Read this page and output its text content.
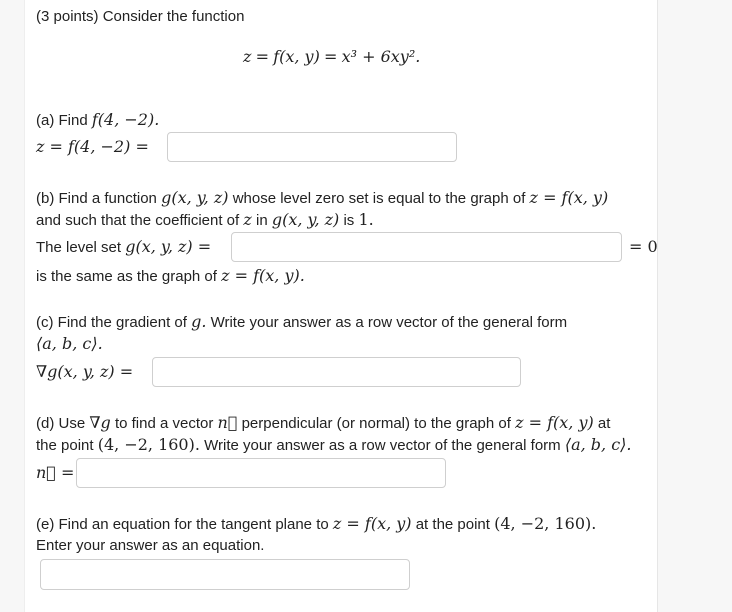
(3 points) Consider the function
z = f(x, y) = x³ + 6xy².
(a) Find f(4, −2).
z = f(4, −2) =
(b) Find a function g(x, y, z) whose level zero set is equal to the graph of z = f(x, y)
and such that the coefficient of z in g(x, y, z) is 1.
The level set g(x, y, z) =	= 0
is the same as the graph of z = f(x, y).
(c) Find the gradient of g. Write your answer as a row vector of the general form
⟨a, b, c⟩.
∇g(x, y, z) =
(d) Use ∇g to find a vector n⃗ perpendicular (or normal) to the graph of z = f(x, y) at
the point (4, −2, 160). Write your answer as a row vector of the general form ⟨a, b, c⟩.
n⃗ =
(e) Find an equation for the tangent plane to z = f(x, y) at the point (4, −2, 160).
Enter your answer as an equation.
